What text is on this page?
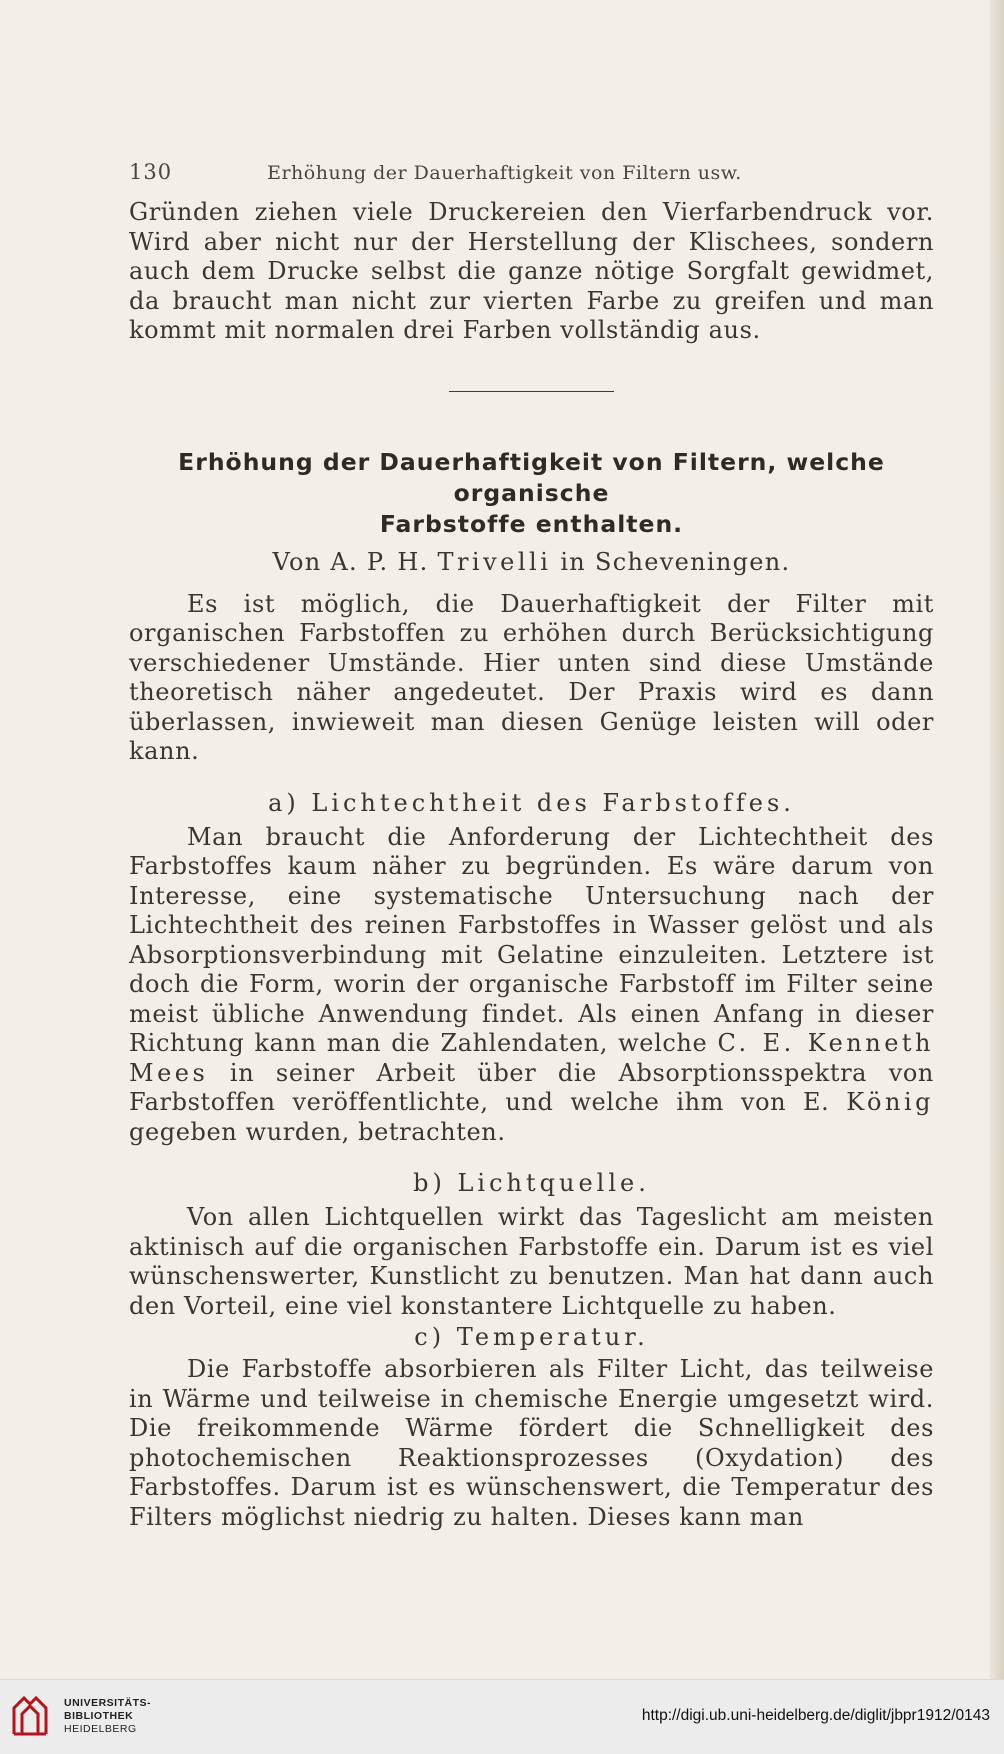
130	Erhöhung der Dauerhaftigkeit von Filtern usw.

Gründen ziehen viele Druckereien den Vierfarbendruck vor. Wird aber nicht nur der Herstellung der Klischees, sondern auch dem Drucke selbst die ganze nötige Sorgfalt gewidmet, da braucht man nicht zur vierten Farbe zu greifen und man kommt mit normalen drei Farben vollständig aus.

Erhöhung der Dauerhaftigkeit von Filtern, welche organische
Farbstoffe enthalten.
Von A. P. H. Trivelli in Scheveningen.

Es ist möglich, die Dauerhaftigkeit der Filter mit organischen Farbstoffen zu erhöhen durch Berücksichtigung verschiedener Umstände. Hier unten sind diese Umstände theoretisch näher angedeutet. Der Praxis wird es dann überlassen, inwieweit man diesen Genüge leisten will oder kann.

a) Lichtechtheit des Farbstoffes.

Man braucht die Anforderung der Lichtechtheit des Farbstoffes kaum näher zu begründen. Es wäre darum von Interesse, eine systematische Untersuchung nach der Lichtechtheit des reinen Farbstoffes in Wasser gelöst und als Absorptionsverbindung mit Gelatine einzuleiten. Letztere ist doch die Form, worin der organische Farbstoff im Filter seine meist übliche Anwendung findet. Als einen Anfang in dieser Richtung kann man die Zahlendaten, welche C. E. Kenneth Mees in seiner Arbeit über die Absorptionsspektra von Farbstoffen veröffentlichte, und welche ihm von E. König gegeben wurden, betrachten.

b) Lichtquelle.

Von allen Lichtquellen wirkt das Tageslicht am meisten aktinisch auf die organischen Farbstoffe ein. Darum ist es viel wünschenswerter, Kunstlicht zu benutzen. Man hat dann auch den Vorteil, eine viel konstantere Lichtquelle zu haben.

c) Temperatur.

Die Farbstoffe absorbieren als Filter Licht, das teilweise in Wärme und teilweise in chemische Energie umgesetzt wird. Die freikommende Wärme fördert die Schnelligkeit des photochemischen Reaktionsprozesses (Oxydation) des Farbstoffes. Darum ist es wünschenswert, die Temperatur des Filters möglichst niedrig zu halten. Dieses kann man

UNIVERSITÄTS-
BIBLIOTHEK
HEIDELBERG
http://digi.ub.uni-heidelberg.de/diglit/jbpr1912/0143
